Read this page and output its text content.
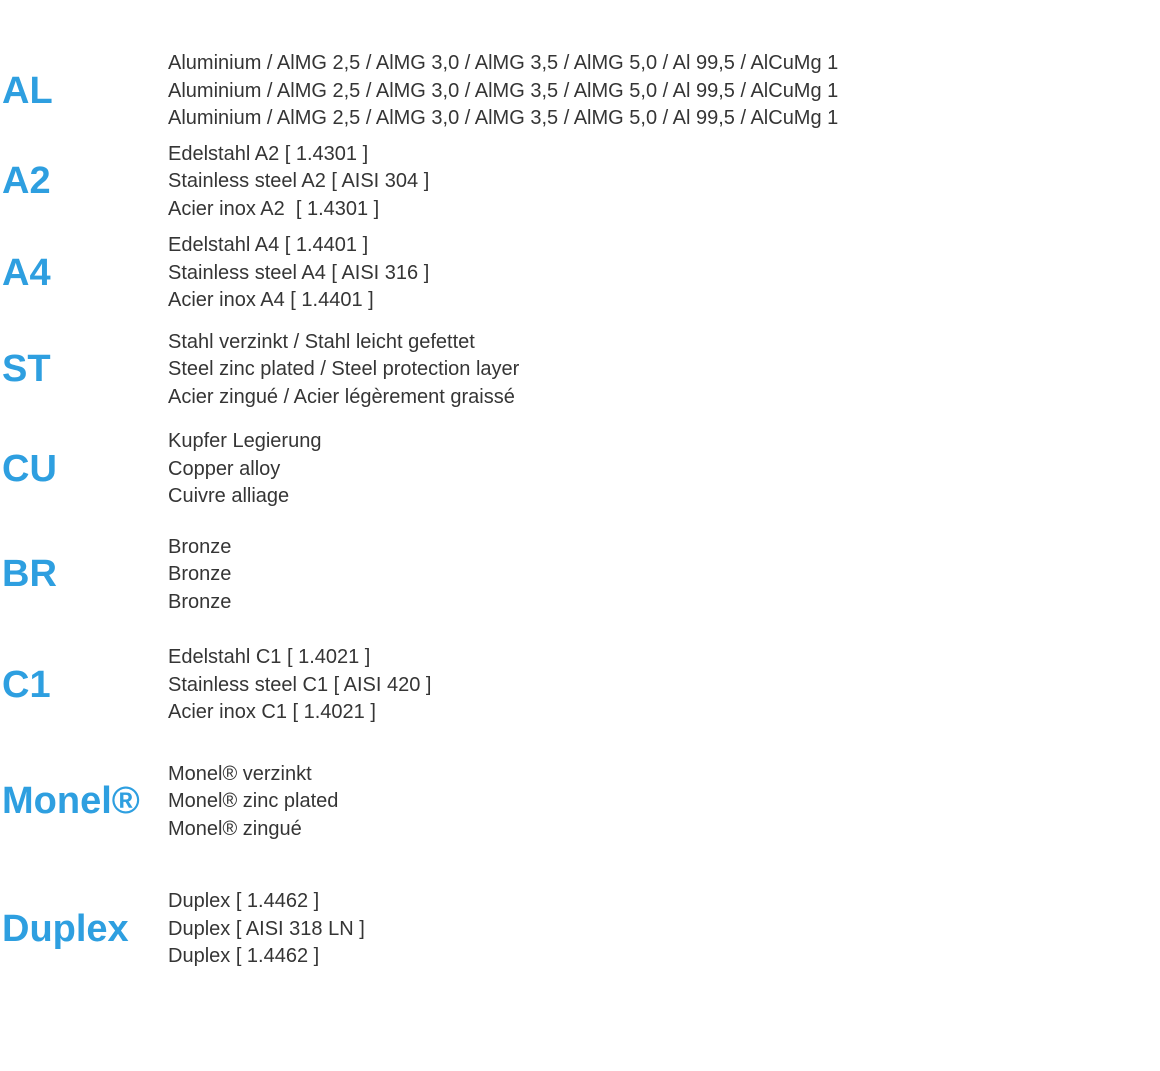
AL
Aluminium / AlMG 2,5 / AlMG 3,0 / AlMG 3,5 / AlMG 5,0 / Al 99,5 / AlCuMg 1
Aluminium / AlMG 2,5 / AlMG 3,0 / AlMG 3,5 / AlMG 5,0 / Al 99,5 / AlCuMg 1
Aluminium / AlMG 2,5 / AlMG 3,0 / AlMG 3,5 / AlMG 5,0 / Al 99,5 / AlCuMg 1
A2
Edelstahl A2 [ 1.4301 ]
Stainless steel A2 [ AISI 304 ]
Acier inox A2  [ 1.4301 ]
A4
Edelstahl A4 [ 1.4401 ]
Stainless steel A4 [ AISI 316 ]
Acier inox A4 [ 1.4401 ]
ST
Stahl verzinkt / Stahl leicht gefettet
Steel zinc plated / Steel protection layer
Acier zingué / Acier légèrement graissé
CU
Kupfer Legierung
Copper alloy
Cuivre alliage
BR
Bronze
Bronze
Bronze
C1
Edelstahl C1 [ 1.4021 ]
Stainless steel C1 [ AISI 420 ]
Acier inox C1 [ 1.4021 ]
Monel®
Monel® verzinkt
Monel® zinc plated
Monel® zingué
Duplex
Duplex [ 1.4462 ]
Duplex [ AISI 318 LN ]
Duplex [ 1.4462 ]
